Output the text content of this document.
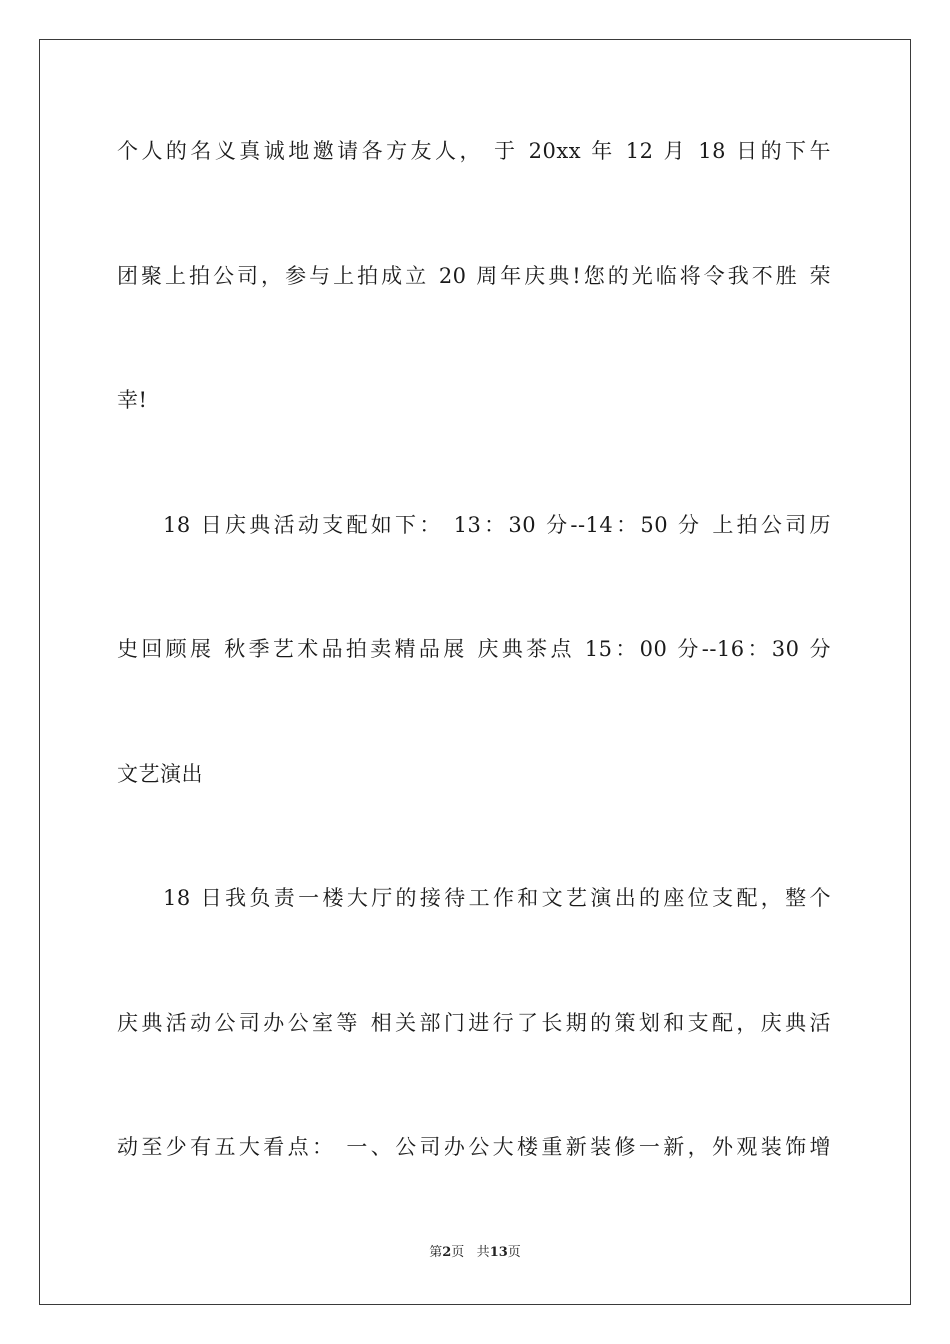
个人的名义真诚地邀请各方友人， 于 20xx 年 12 月 18 日的下午
团聚上拍公司，参与上拍成立 20 周年庆典!您的光临将令我不胜 荣
幸!
18 日庆典活动支配如下： 13：30 分--14：50 分 上拍公司历
史回顾展 秋季艺术品拍卖精品展 庆典茶点 15：00 分--16：30 分
文艺演出
18 日我负责一楼大厅的接待工作和文艺演出的座位支配，整个
庆典活动公司办公室等 相关部门进行了长期的策划和支配，庆典活
动至少有五大看点： 一、公司办公大楼重新装修一新，外观装饰增
第2页 共13页
